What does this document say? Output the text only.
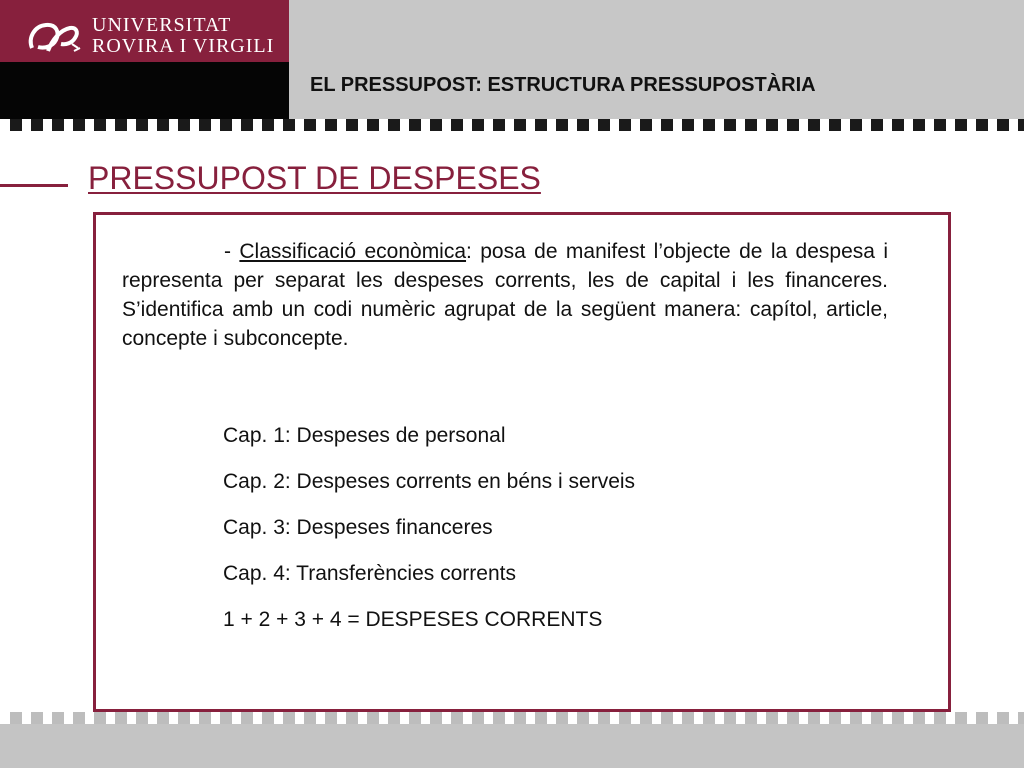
UNIVERSITAT
ROVIRA I VIRGILI
EL PRESSUPOST: ESTRUCTURA PRESSUPOSTÀRIA
PRESSUPOST DE DESPESES
- Classificació econòmica: posa de manifest l’objecte de la despesa i representa per separat les despeses corrents, les de capital i les financeres. S’identifica amb un codi numèric agrupat de la següent manera: capítol, article, concepte i subconcepte.
Cap. 1: Despeses de personal
Cap. 2: Despeses corrents en béns i serveis
Cap. 3: Despeses financeres
Cap. 4: Transferències corrents
1 + 2 + 3 + 4 = DESPESES CORRENTS
